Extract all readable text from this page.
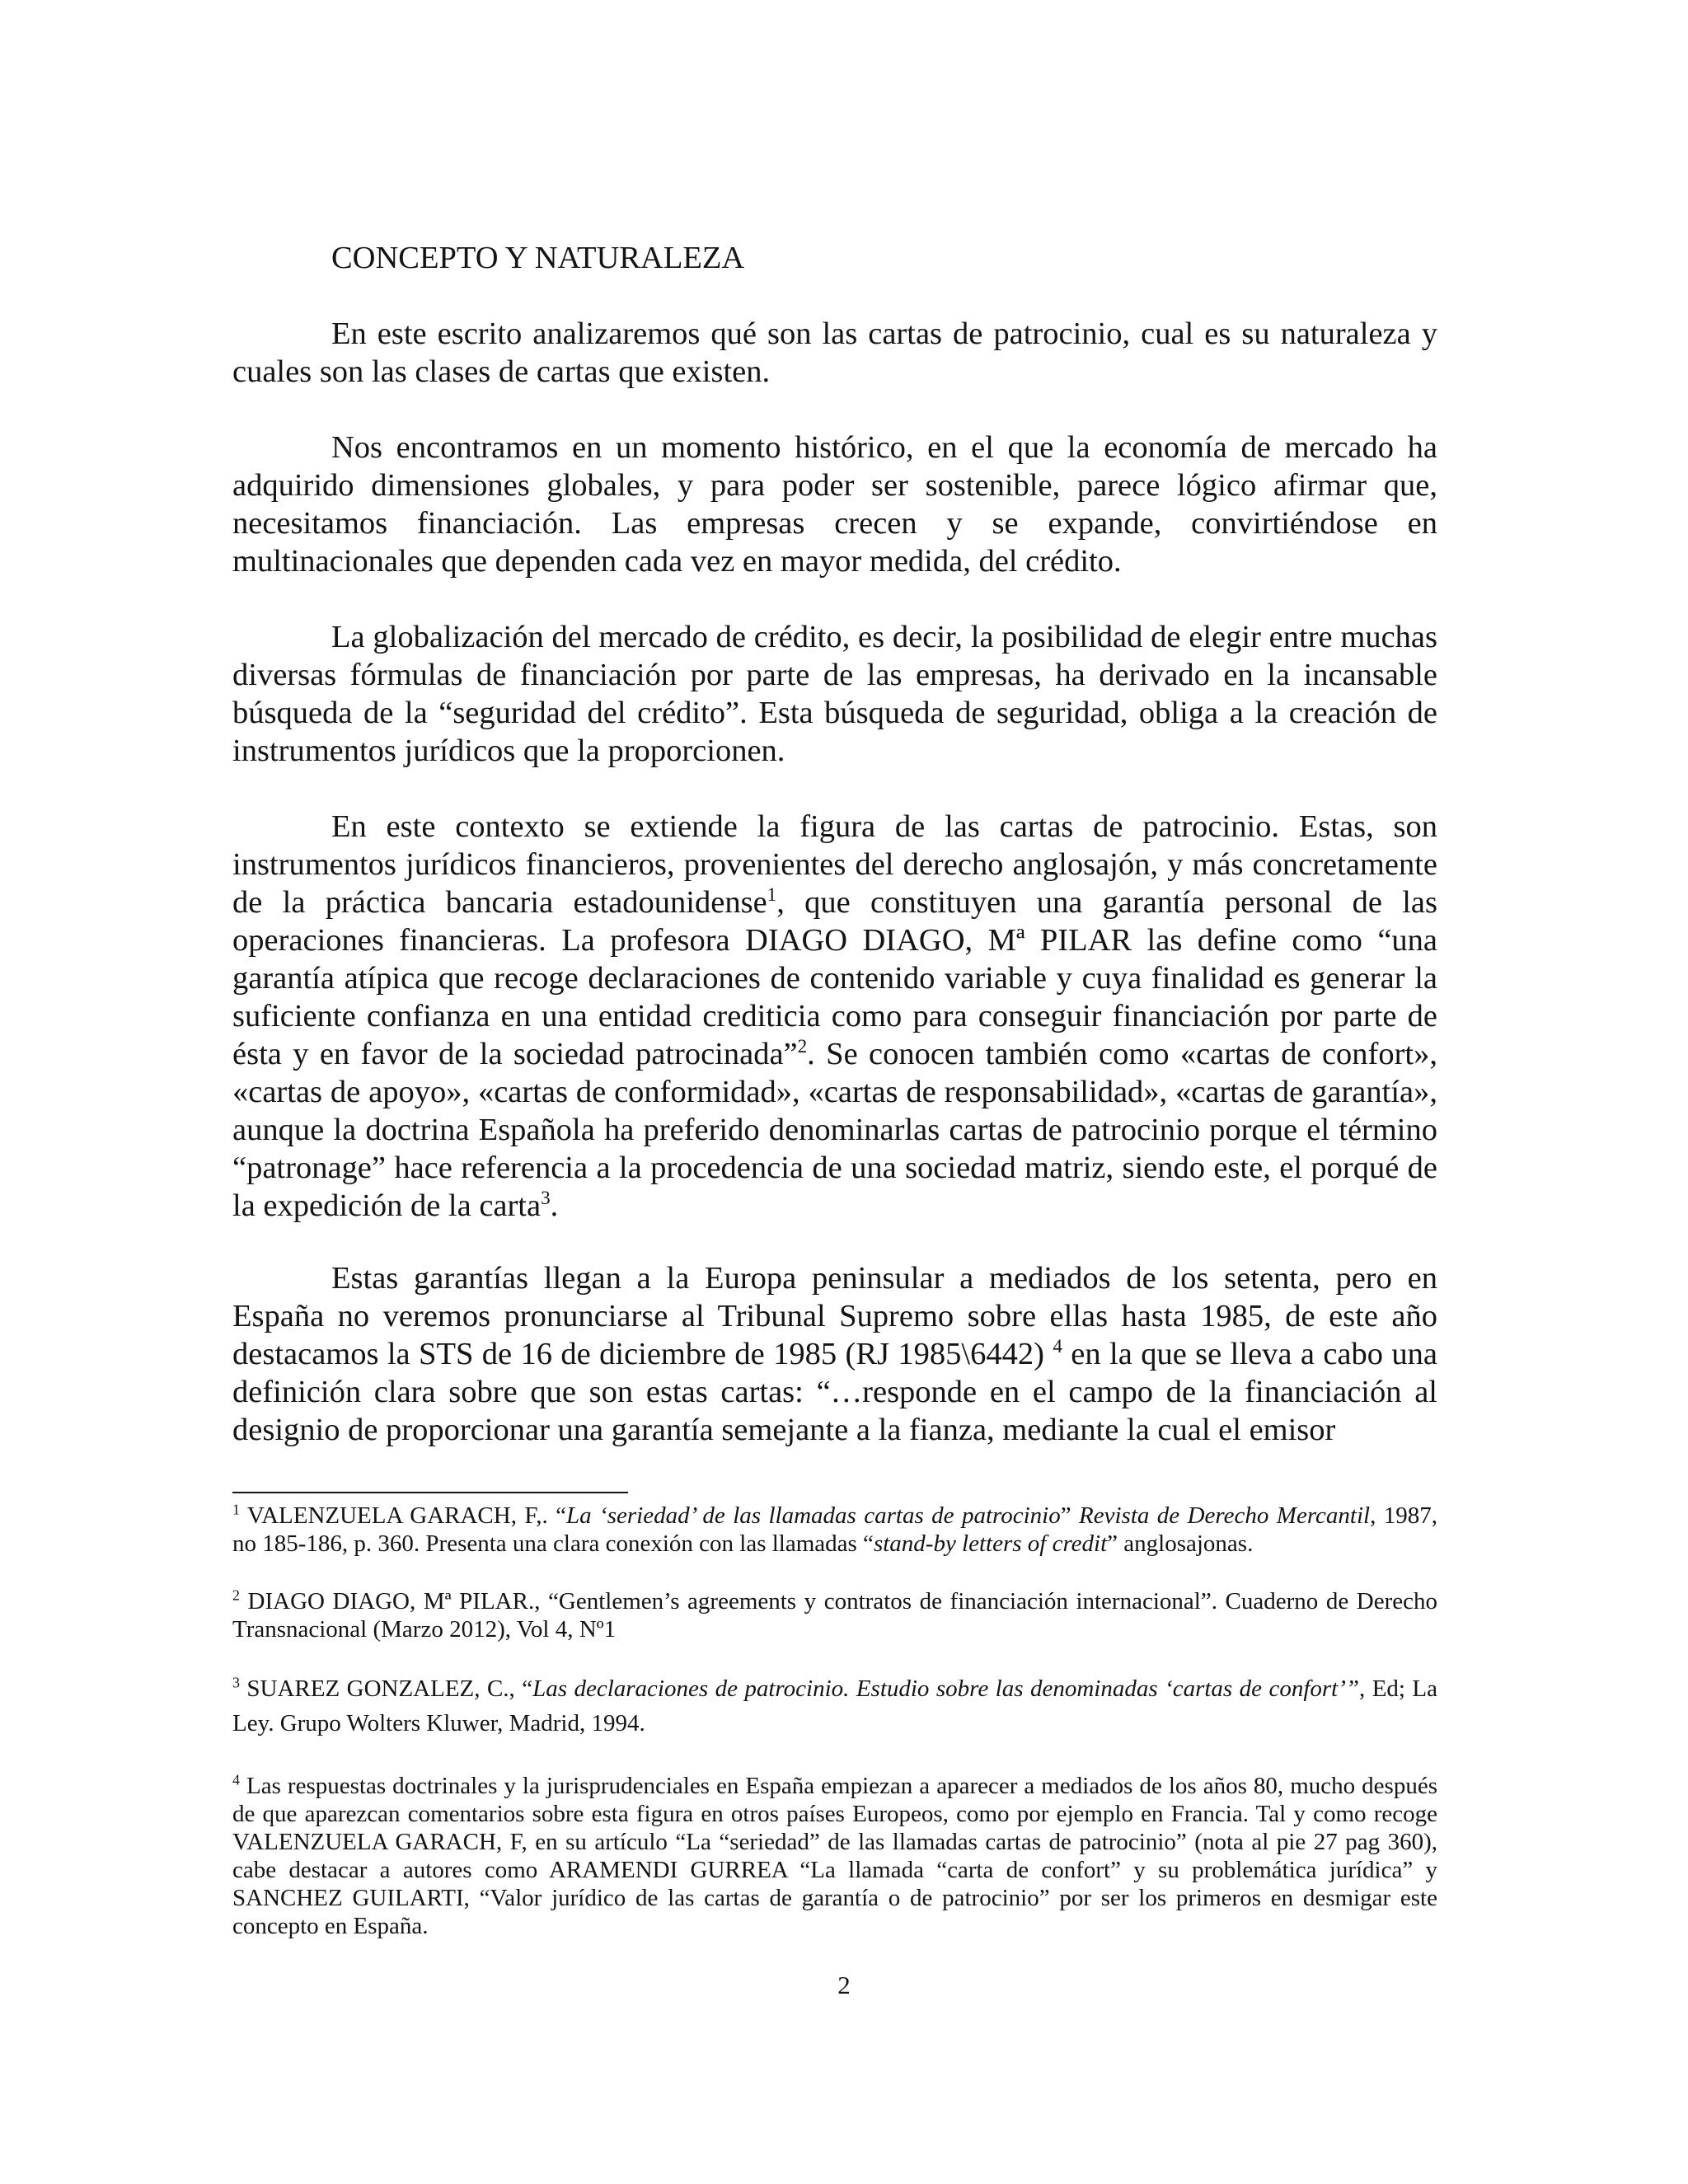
CONCEPTO Y NATURALEZA

En este escrito analizaremos qué son las cartas de patrocinio, cual es su naturaleza y cuales son las clases de cartas que existen.

Nos encontramos en un momento histórico, en el que la economía de mercado ha adquirido dimensiones globales, y para poder ser sostenible, parece lógico afirmar que, necesitamos financiación. Las empresas crecen y se expande, convirtiéndose en multinacionales que dependen cada vez en mayor medida, del crédito.

La globalización del mercado de crédito, es decir, la posibilidad de elegir entre muchas diversas fórmulas de financiación por parte de las empresas, ha derivado en la incansable búsqueda de la “seguridad del crédito”. Esta búsqueda de seguridad, obliga a la creación de instrumentos jurídicos que la proporcionen.

En este contexto se extiende la figura de las cartas de patrocinio. Estas, son instrumentos jurídicos financieros, provenientes del derecho anglosajón, y más concretamente de la práctica bancaria estadounidense$^1$, que constituyen una garantía personal de las operaciones financieras. La profesora DIAGO DIAGO, Mª PILAR las define como “una garantía atípica que recoge declaraciones de contenido variable y cuya finalidad es generar la suficiente confianza en una entidad crediticia como para conseguir financiación por parte de ésta y en favor de la sociedad patrocinada”$^2$. Se conocen también como «cartas de confort», «cartas de apoyo», «cartas de conformidad», «cartas de responsabilidad», «cartas de garantía», aunque la doctrina Española ha preferido denominarlas cartas de patrocinio porque el término “patronage” hace referencia a la procedencia de una sociedad matriz, siendo este, el porqué de la expedición de la carta$^3$.

Estas garantías llegan a la Europa peninsular a mediados de los setenta, pero en España no veremos pronunciarse al Tribunal Supremo sobre ellas hasta 1985, de este año destacamos la STS de 16 de diciembre de 1985 (RJ 1985\6442) $^4$ en la que se lleva a cabo una definición clara sobre que son estas cartas: “…responde en el campo de la financiación al designio de proporcionar una garantía semejante a la fianza, mediante la cual el emisor

$^1$ VALENZUELA GARACH, F,. “La ‘seriedad’ de las llamadas cartas de patrocinio” Revista de Derecho Mercantil, 1987, no 185-186, p. 360. Presenta una clara conexión con las llamadas “stand-by letters of credit” anglosajonas.

$^2$ DIAGO DIAGO, Mª PILAR., “Gentlemen’s agreements y contratos de financiación internacional”. Cuaderno de Derecho Transnacional (Marzo 2012), Vol 4, Nº1

$^3$ SUAREZ GONZALEZ, C., “Las declaraciones de patrocinio. Estudio sobre las denominadas ‘cartas de confort’”, Ed; La Ley. Grupo Wolters Kluwer, Madrid, 1994.

$^4$ Las respuestas doctrinales y la jurisprudenciales en España empiezan a aparecer a mediados de los años 80, mucho después de que aparezcan comentarios sobre esta figura en otros países Europeos, como por ejemplo en Francia. Tal y como recoge VALENZUELA GARACH, F, en su artículo “La “seriedad” de las llamadas cartas de patrocinio” (nota al pie 27 pag 360), cabe destacar a autores como ARAMENDI GURREA “La llamada “carta de confort” y su problemática jurídica” y SANCHEZ GUILARTI, “Valor jurídico de las cartas de garantía o de patrocinio” por ser los primeros en desmigar este concepto en España.

2
